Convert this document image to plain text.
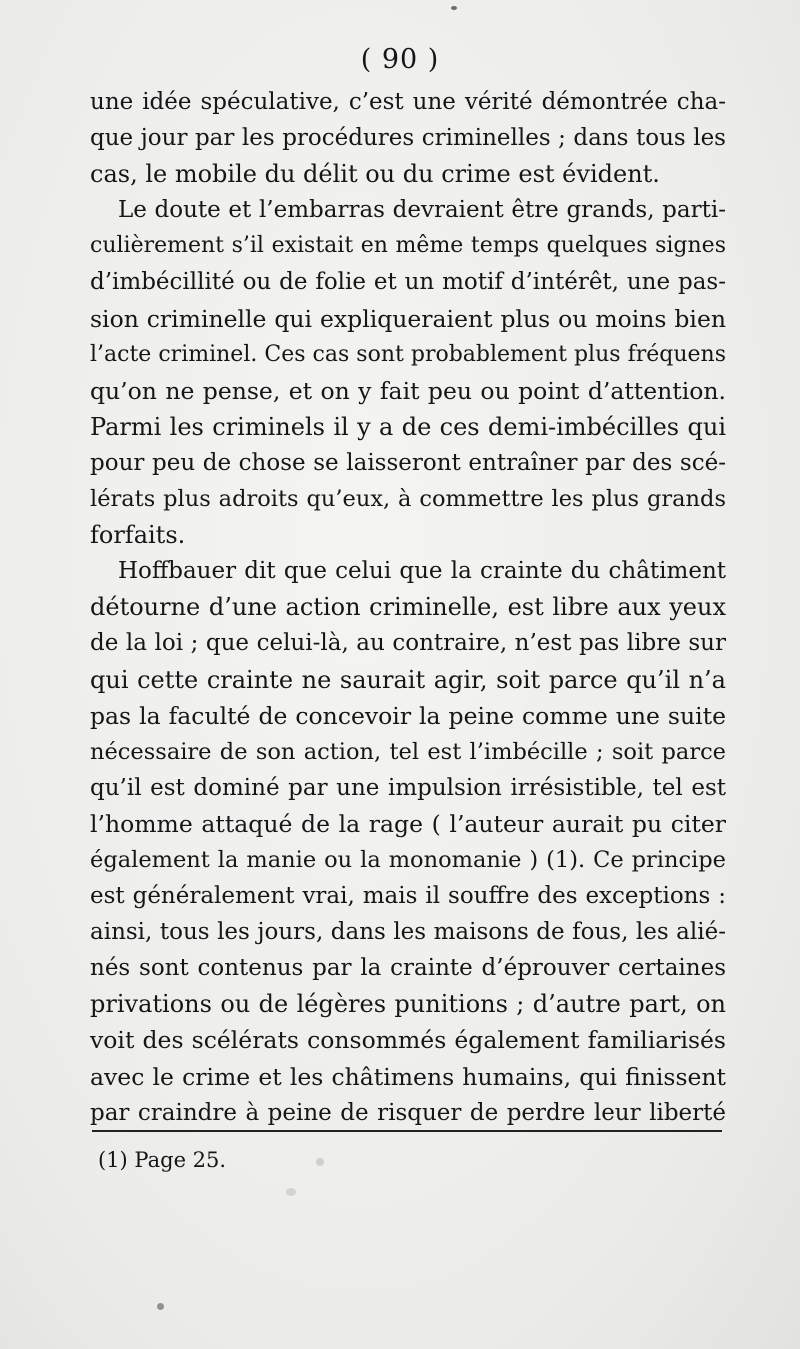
( 90 )
une idée spéculative, c’est une vérité démontrée cha-
que jour par les procédures criminelles ; dans tous les
cas, le mobile du délit ou du crime est évident.
Le doute et l’embarras devraient être grands, parti-
culièrement s’il existait en même temps quelques signes
d’imbécillité ou de folie et un motif d’intérêt, une pas-
sion criminelle qui expliqueraient plus ou moins bien
l’acte criminel. Ces cas sont probablement plus fréquens
qu’on ne pense, et on y fait peu ou point d’attention.
Parmi les criminels il y a de ces demi-imbécilles qui
pour peu de chose se laisseront entraîner par des scé-
lérats plus adroits qu’eux, à commettre les plus grands
forfaits.
Hoffbauer dit que celui que la crainte du châtiment
détourne d’une action criminelle, est libre aux yeux
de la loi ; que celui-là, au contraire, n’est pas libre sur
qui cette crainte ne saurait agir, soit parce qu’il n’a
pas la faculté de concevoir la peine comme une suite
nécessaire de son action, tel est l’imbécille ; soit parce
qu’il est dominé par une impulsion irrésistible, tel est
l’homme attaqué de la rage ( l’auteur aurait pu citer
également la manie ou la monomanie ) (1). Ce principe
est généralement vrai, mais il souffre des exceptions :
ainsi, tous les jours, dans les maisons de fous, les alié-
nés sont contenus par la crainte d’éprouver certaines
privations ou de légères punitions ; d’autre part, on
voit des scélérats consommés également familiarisés
avec le crime et les châtimens humains, qui finissent
par craindre à peine de risquer de perdre leur liberté
(1) Page 25.
